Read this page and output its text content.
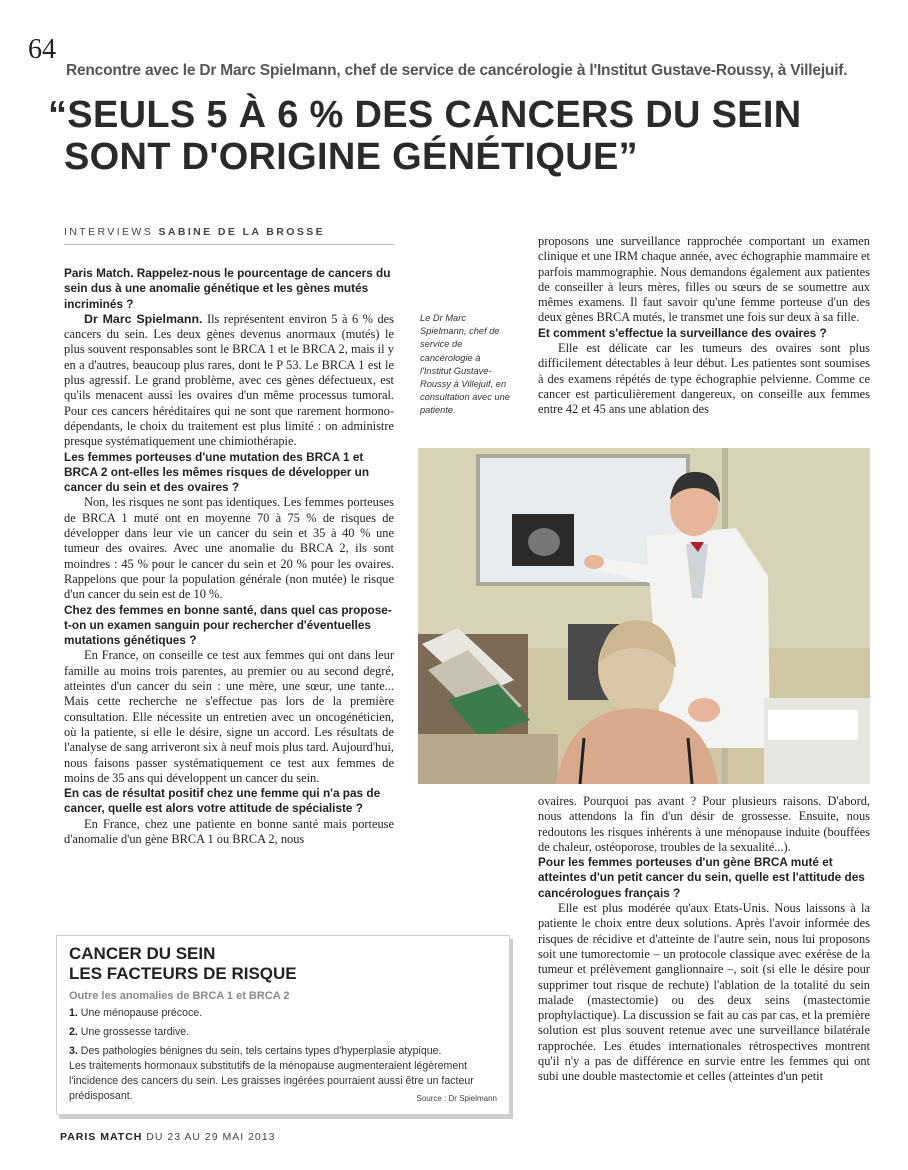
64
Rencontre avec le Dr Marc Spielmann, chef de service de cancérologie à l'Institut Gustave-Roussy, à Villejuif.
“SEULS 5 À 6 % DES CANCERS DU SEIN
SONT D'ORIGINE GÉNÉTIQUE”
INTERVIEWS SABINE DE LA BROSSE

Paris Match. Rappelez-nous le pourcentage de cancers du sein dus à une anomalie génétique et les gènes mutés incriminés ?

Dr Marc Spielmann. Ils représentent environ 5 à 6 % des cancers du sein. Les deux gènes devenus anormaux (mutés) le plus souvent responsables sont le BRCA 1 et le BRCA 2, mais il y en a d'autres, beaucoup plus rares, dont le P 53. Le BRCA 1 est le plus agressif. Le grand problème, avec ces gènes défectueux, est qu'ils menacent aussi les ovaires d'un même processus tumoral. Pour ces cancers héréditaires qui ne sont que rarement hormono-dépendants, le choix du traitement est plus limité : on administre presque systématiquement une chimiothérapie.

Les femmes porteuses d'une mutation des BRCA 1 et BRCA 2 ont-elles les mêmes risques de développer un cancer du sein et des ovaires ?

Non, les risques ne sont pas identiques. Les femmes porteuses de BRCA 1 muté ont en moyenne 70 à 75 % de risques de développer dans leur vie un cancer du sein et 35 à 40 % une tumeur des ovaires. Avec une anomalie du BRCA 2, ils sont moindres : 45 % pour le cancer du sein et 20 % pour les ovaires. Rappelons que pour la population générale (non mutée) le risque d'un cancer du sein est de 10 %.

Chez des femmes en bonne santé, dans quel cas propose-t-on un examen sanguin pour rechercher d'éventuelles mutations génétiques ?

En France, on conseille ce test aux femmes qui ont dans leur famille au moins trois parentes, au premier ou au second degré, atteintes d'un cancer du sein : une mère, une sœur, une tante... Mais cette recherche ne s'effectue pas lors de la première consultation. Elle nécessite un entretien avec un oncogénéticien, où la patiente, si elle le désire, signe un accord. Les résultats de l'analyse de sang arriveront six à neuf mois plus tard. Aujourd'hui, nous faisons passer systématiquement ce test aux femmes de moins de 35 ans qui développent un cancer du sein.

En cas de résultat positif chez une femme qui n'a pas de cancer, quelle est alors votre attitude de spécialiste ?

En France, chez une patiente en bonne santé mais porteuse d'anomalie d'un gène BRCA 1 ou BRCA 2, nous

Le Dr Marc Spielmann, chef de service de cancérologie à l'Institut Gustave-Roussy à Villejuif, en consultation avec une patiente.

proposons une surveillance rapprochée comportant un examen clinique et une IRM chaque année, avec échographie mammaire et parfois mammographie. Nous demandons également aux patientes de conseiller à leurs mères, filles ou sœurs de se soumettre aux mêmes examens. Il faut savoir qu'une femme porteuse d'un des deux gènes BRCA mutés, le transmet une fois sur deux à sa fille.

Et comment s'effectue la surveillance des ovaires ?

Elle est délicate car les tumeurs des ovaires sont plus difficilement détectables à leur début. Les patientes sont soumises à des examens répétés de type échographie pelvienne. Comme ce cancer est particulièrement dangereux, on conseille aux femmes entre 42 et 45 ans une ablation des

ovaires. Pourquoi pas avant ? Pour plusieurs raisons. D'abord, nous attendons la fin d'un désir de grossesse. Ensuite, nous redoutons les risques inhérents à une ménopause induite (bouffées de chaleur, ostéoporose, troubles de la sexualité...).

Pour les femmes porteuses d'un gène BRCA muté et atteintes d'un petit cancer du sein, quelle est l'attitude des cancérologues français ?

Elle est plus modérée qu'aux Etats-Unis. Nous laissons à la patiente le choix entre deux solutions. Après l'avoir informée des risques de récidive et d'atteinte de l'autre sein, nous lui proposons soit une tumorectomie – un protocole classique avec exérèse de la tumeur et prélèvement ganglionnaire –, soit (si elle le désire pour supprimer tout risque de rechute) l'ablation de la totalité du sein malade (mastectomie) ou des deux seins (mastectomie prophylactique). La discussion se fait au cas par cas, et la première solution est plus souvent retenue avec une surveillance bilatérale rapprochée. Les études internationales rétrospectives montrent qu'il n'y a pas de différence en survie entre les femmes qui ont subi une double mastectomie et celles (atteintes d'un petit

CANCER DU SEIN
LES FACTEURS DE RISQUE
Outre les anomalies de BRCA 1 et BRCA 2
1. Une ménopause précoce.
2. Une grossesse tardive.
3. Des pathologies bénignes du sein, tels certains types d'hyperplasie atypique.
Les traitements hormonaux substitutifs de la ménopause augmenteraient légèrement l'incidence des cancers du sein. Les graisses ingérées pourraient aussi être un facteur prédisposant.	Source : Dr Spielmann
PARIS MATCH DU 23 AU 29 MAI 2013
